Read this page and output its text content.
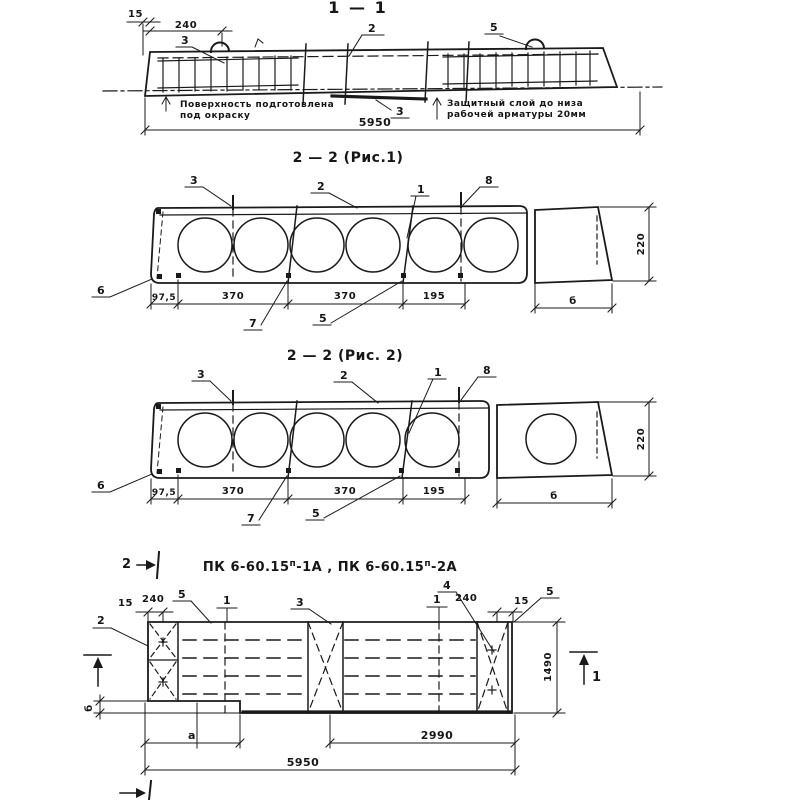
1 — 1
15
240
3
2	5
Поверхность подготовлена
под окраску
Защитный слой до низа
рабочей арматуры 20мм
5950
3
2 — 2 (Рис.1)
3	2	1
8
6
7	5
97,5	370	370	195	б
220
2 — 2 (Рис. 2)
3	2	1	8
6
7	5
97,5	370	370	195	б
220
2	ПК $6-60.15^п-1А$ , ПК $6-60.15^п-2А$
15 240	240	15
2
5	1	3	1
4	5
1490	1
б
а	2990
5950
